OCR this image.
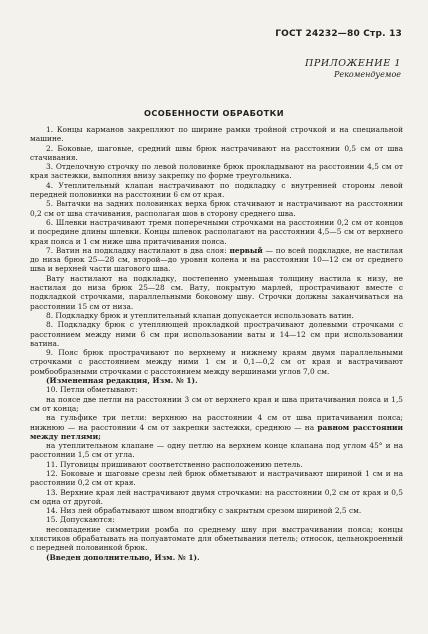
ГОСТ 24232—80 Стр. 13
ПРИЛОЖЕНИЕ 1
Рекомендуемое
ОСОБЕННОСТИ ОБРАБОТКИ
1. Концы карманов закрепляют по ширине рамки тройной строчкой и на специальной машине.
2. Боковые, шаговые, средний швы брюк настрачивают на расстоянии 0,5 см от шва стачивания.
3. Отделочную строчку по левой половинке брюк прокладывают на расстоянии 4,5 см от края застежки, выполняя внизу закрепку по форме треугольника.
4. Утеплительный клапан настрачивают по подкладку с внутренней стороны левой передней половинки на расстоянии 6 см от края.
5. Вытачки на задних половинках верха брюк стачивают и настрачивают на расстоянии 0,2 см от шва стачивания, располагая шов в сторону среднего шва.
6. Шлевки настрачивают тремя поперечными строчками на расстоянии 0,2 см от концов и посредине длины шлевки. Концы шлевок располагают на расстоянии 4,5—5 см от верхнего края пояса и 1 см ниже шва притачивания пояса.
7. Ватин на подкладку настилают в два слоя: первый — по всей подкладке, не настилая до низа брюк 25—28 см, второй—до уровня колена и на расстоянии 10—12 см от среднего шва и верхней части шагового шва.
Вату настилают на подкладку, постепенно уменьшая толщину настила к низу, не настилая до низа брюк 25—28 см. Вату, покрытую марлей, прострачивают вместе с подкладкой строчками, параллельными боковому шву. Строчки должны заканчиваться на расстоянии 15 см от низа.
8. Подкладку брюк и утеплительный клапан допускается использовать ватин.
8. Подкладку брюк с утепляющей прокладкой прострачивают долевыми строчками с расстоянием между ними 6 см при использовании ваты и 14—12 см при использовании ватина.
9. Пояс брюк прострачивают по верхнему и нижнему краям двумя параллельными строчками с расстоянием между ними 1 см и 0,1—0,2 см от края и вастрачивают ромбообразными строчками с расстоянием между вершинами углов 7,0 см.
(Измененная редакция, Изм. № 1).
10. Петли обметывают:
на поясе две петли на расстоянии 3 см от верхнего края и шва притачивания пояса и 1,5 см от конца;
на гульфике три петли: верхнюю на расстоянии 4 см от шва притачивания пояса; нижнюю — на расстоянии 4 см от закрепки застежки, среднюю — на равном расстоянии между петлями;
на утеплительном клапане — одну петлю на верхнем конце клапана под углом 45° и на расстоянии 1,5 см от угла.
11. Пуговицы пришивают соответственно расположению петель.
12. Боковые и шаговые срезы лей брюк обметывают и настрачивают шириной 1 см и на расстоянии 0,2 см от края.
13. Верхние края лей настрачивают двумя строчками: на расстоянии 0,2 см от края и 0,5 см одна от другой.
14. Низ лей обрабатывают швом вподгибку с закрытым срезом шириной 2,5 см.
15. Допускаются:
несовпадение симметрии ромба по среднему шву при выстрачивании пояса; концы хлястиков обрабатывать на полуавтомате для обметывания петель; относок, цельнокроенный с передней половинкой брюк.
(Введен дополнительно, Изм. № 1).
